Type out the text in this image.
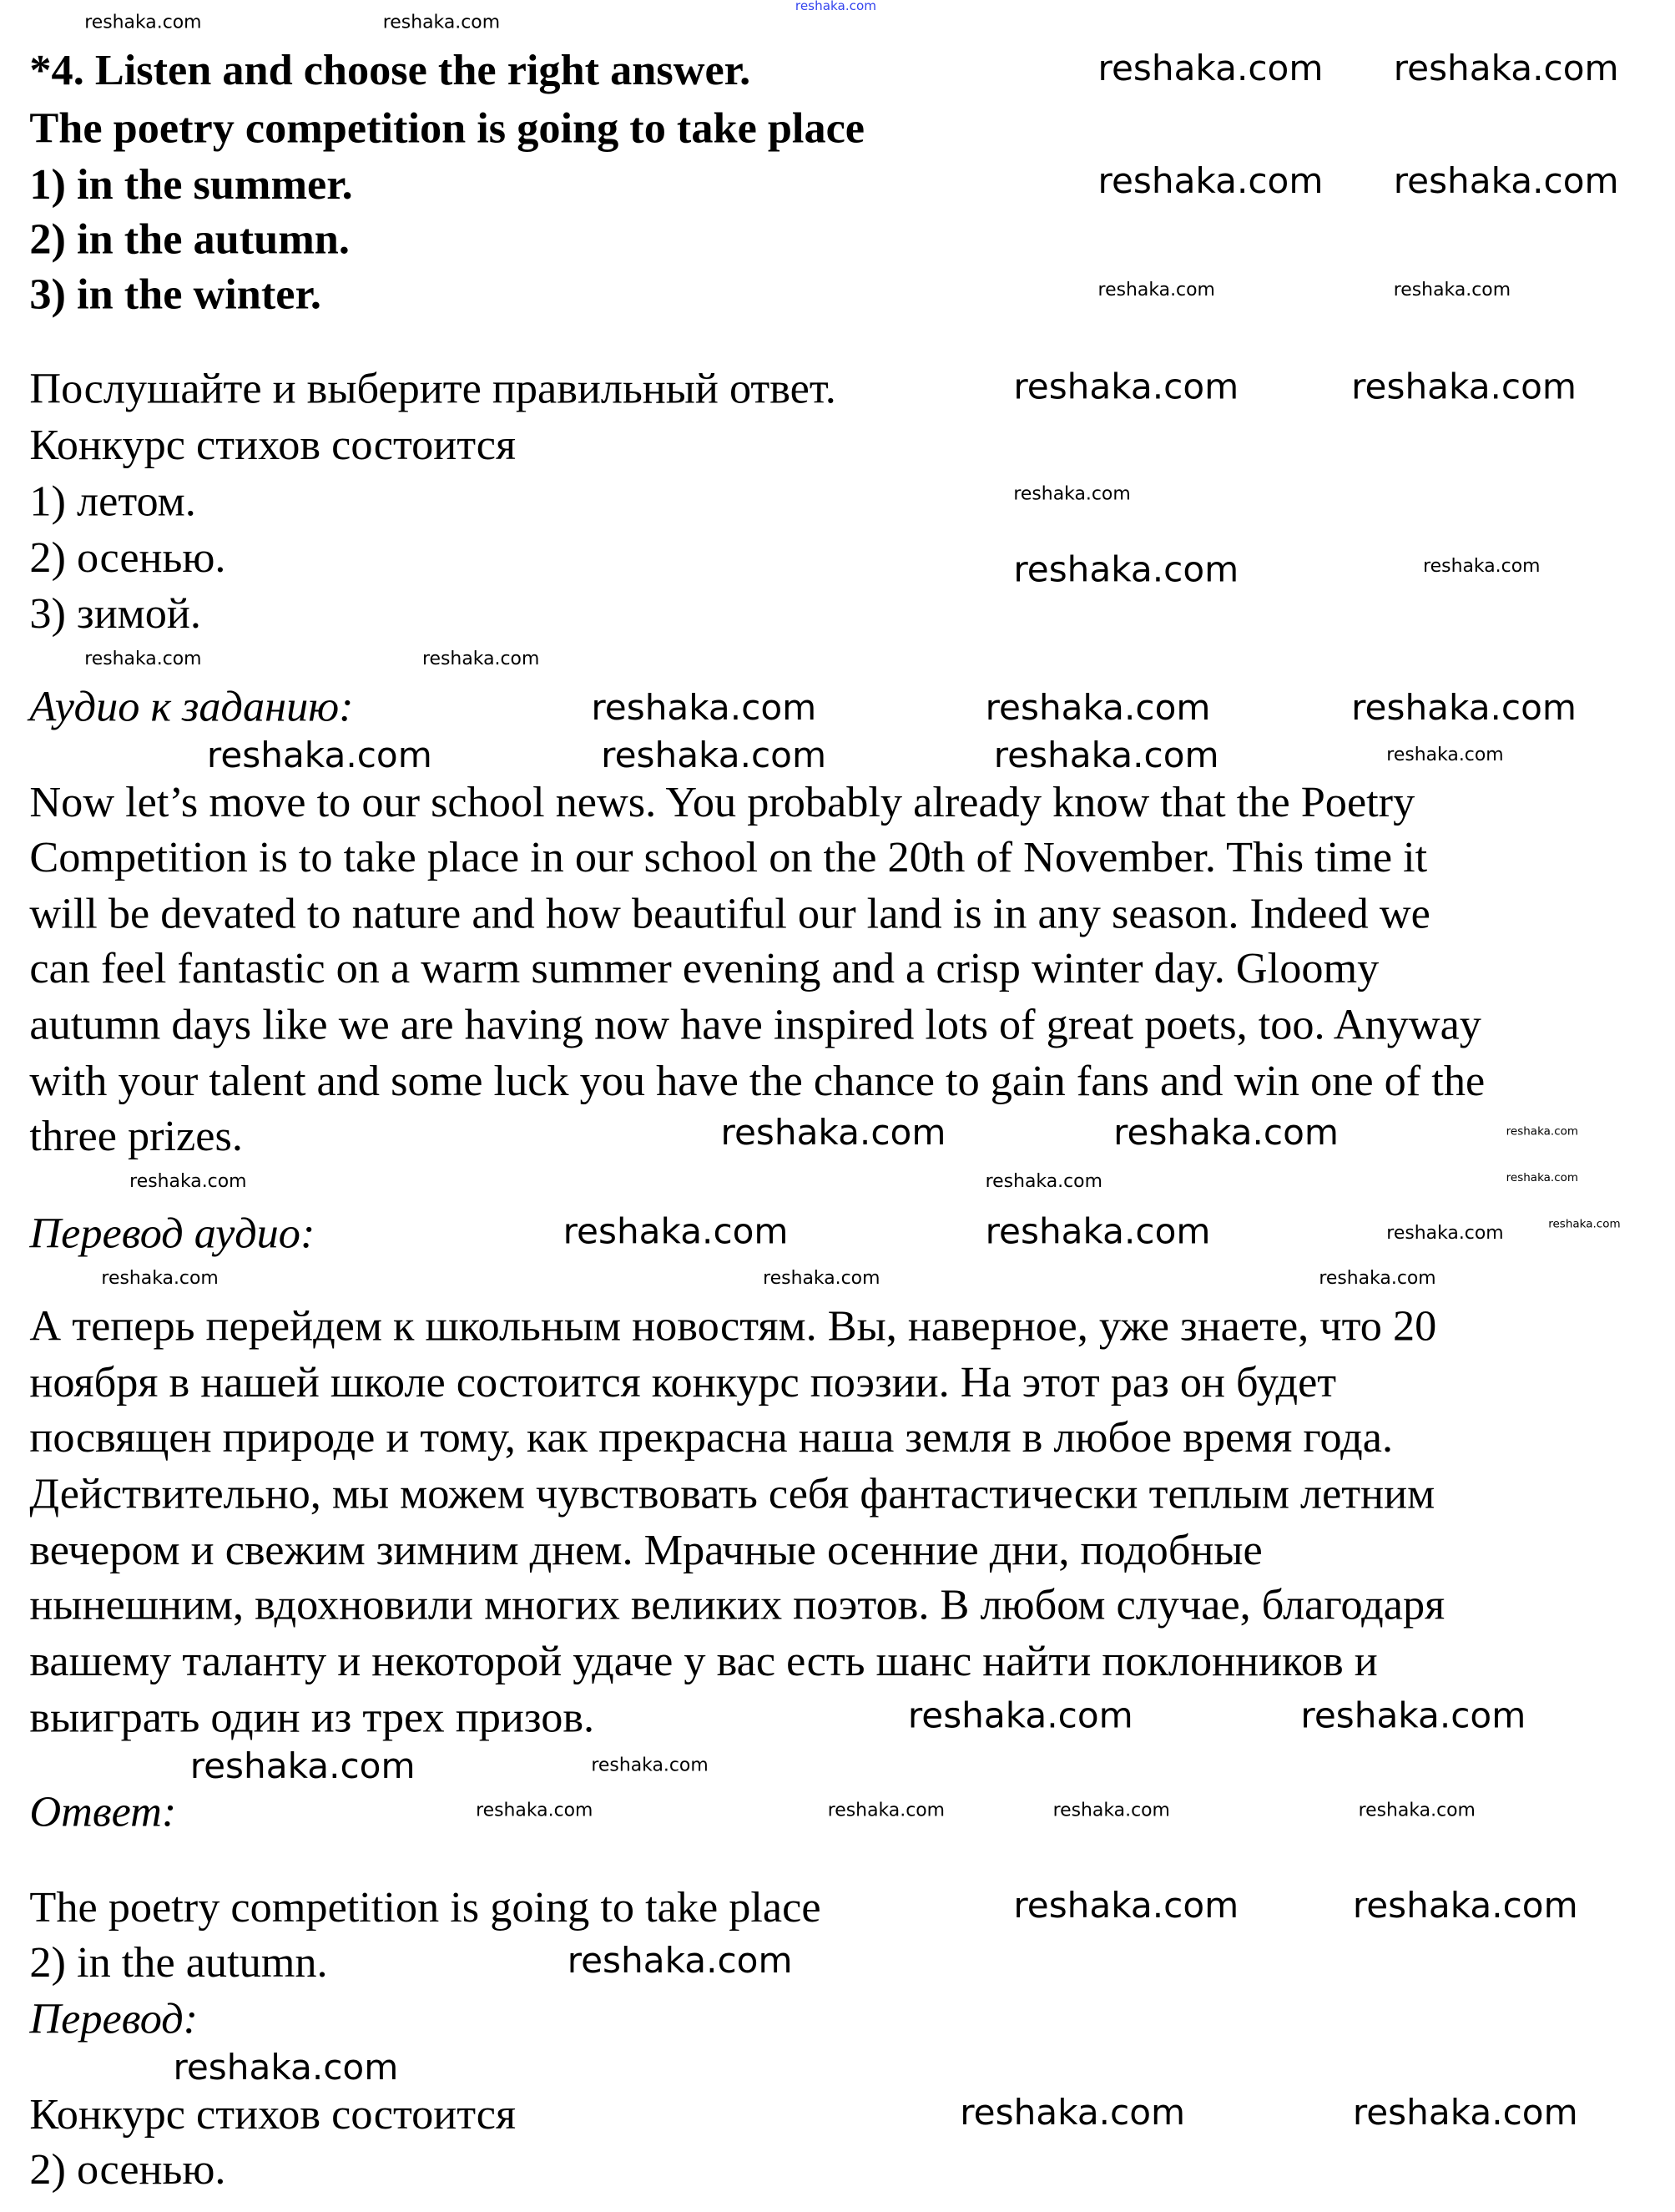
*4. Listen and choose the right answer.
The poetry competition is going to take place
1) in the summer.
2) in the autumn.
3) in the winter.
Послушайте и выберите правильный ответ.
Конкурс стихов состоится
1) летом.
2) осенью.
3) зимой.
Аудио к заданию:
Now let’s move to our school news. You probably already know that the Poetry
Competition is to take place in our school on the 20th of November. This time it
will be devated to nature and how beautiful our land is in any season. Indeed we
can feel fantastic on a warm summer evening and a crisp winter day. Gloomy
autumn days like we are having now have inspired lots of great poets, too. Anyway
with your talent and some luck you have the chance to gain fans and win one of the
three prizes.
Перевод аудио:
А теперь перейдем к школьным новостям. Вы, наверное, уже знаете, что 20
ноября в нашей школе состоится конкурс поэзии. На этот раз он будет
посвящен природе и тому, как прекрасна наша земля в любое время года.
Действительно, мы можем чувствовать себя фантастически теплым летним
вечером и свежим зимним днем. Мрачные осенние дни, подобные
нынешним, вдохновили многих великих поэтов. В любом случае, благодаря
вашему таланту и некоторой удаче у вас есть шанс найти поклонников и
выиграть один из трех призов.
Ответ:
The poetry competition is going to take place
2) in the autumn.
Перевод:
Конкурс стихов состоится
2) осенью.
reshaka.com
reshaka.com	reshaka.com
reshaka.com	reshaka.com
reshaka.com	reshaka.com
reshaka.com	reshaka.com
reshaka.com	reshaka.com
reshaka.com
reshaka.com
reshaka.com
reshaka.com	reshaka.com
reshaka.com	reshaka.com	reshaka.com
reshaka.com	reshaka.com	reshaka.com	reshaka.com
reshaka.com	reshaka.com	reshaka.com
reshaka.com	reshaka.com	reshaka.com
reshaka.com	reshaka.com	reshaka.com	reshaka.com
reshaka.com	reshaka.com	reshaka.com
reshaka.com	reshaka.com
reshaka.com	reshaka.com
reshaka.com	reshaka.com	reshaka.com	reshaka.com
reshaka.com	reshaka.com
reshaka.com
reshaka.com
reshaka.com	reshaka.com
